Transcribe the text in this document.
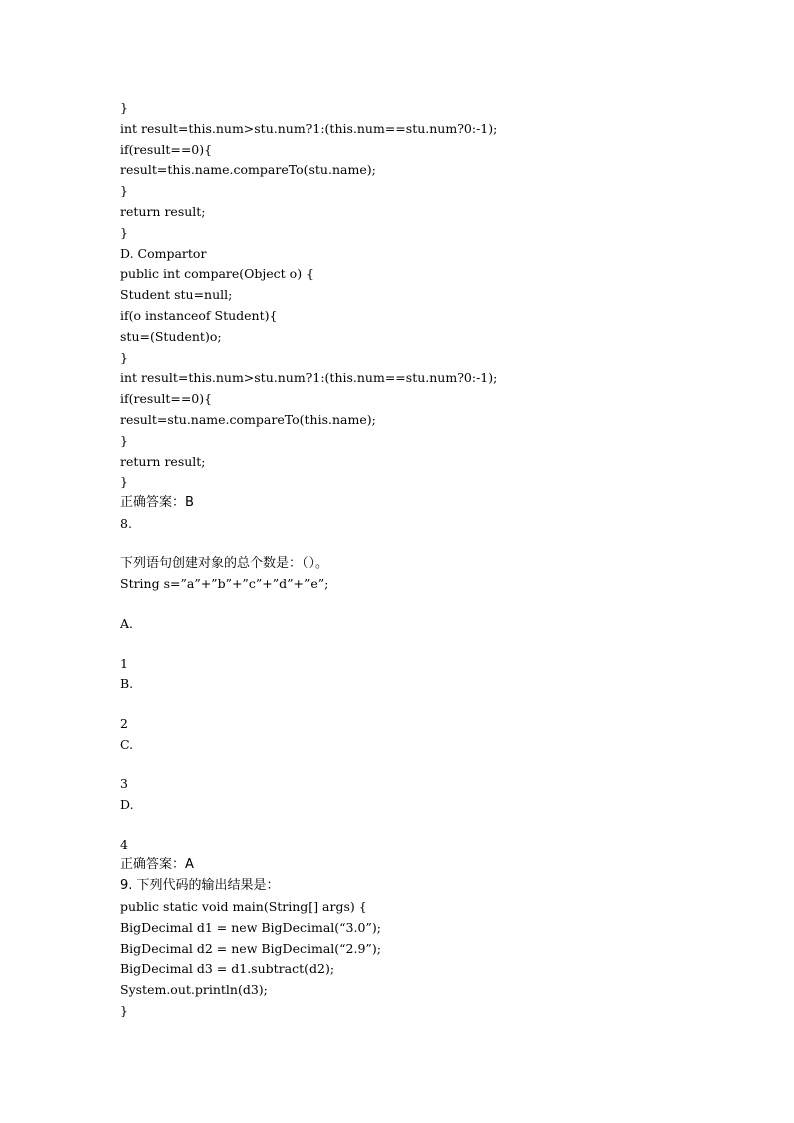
}
int result=this.num>stu.num?1:(this.num==stu.num?0:-1);
if(result==0){
result=this.name.compareTo(stu.name);
}
return result;
}
D. Compartor
public int compare(Object o) {
Student stu=null;
if(o instanceof Student){
stu=(Student)o;
}
int result=this.num>stu.num?1:(this.num==stu.num?0:-1);
if(result==0){
result=stu.name.compareTo(this.name);
}
return result;
}
正确答案：B
8.
下列语句创建对象的总个数是：（）。
String s=”a”+”b”+”c”+”d”+”e”;
A.
1
B.
2
C.
3
D.
4
正确答案：A
9. 下列代码的输出结果是：
public static void main(String[] args) {
BigDecimal d1 = new BigDecimal(“3.0”);
BigDecimal d2 = new BigDecimal(“2.9”);
BigDecimal d3 = d1.subtract(d2);
System.out.println(d3);
}
